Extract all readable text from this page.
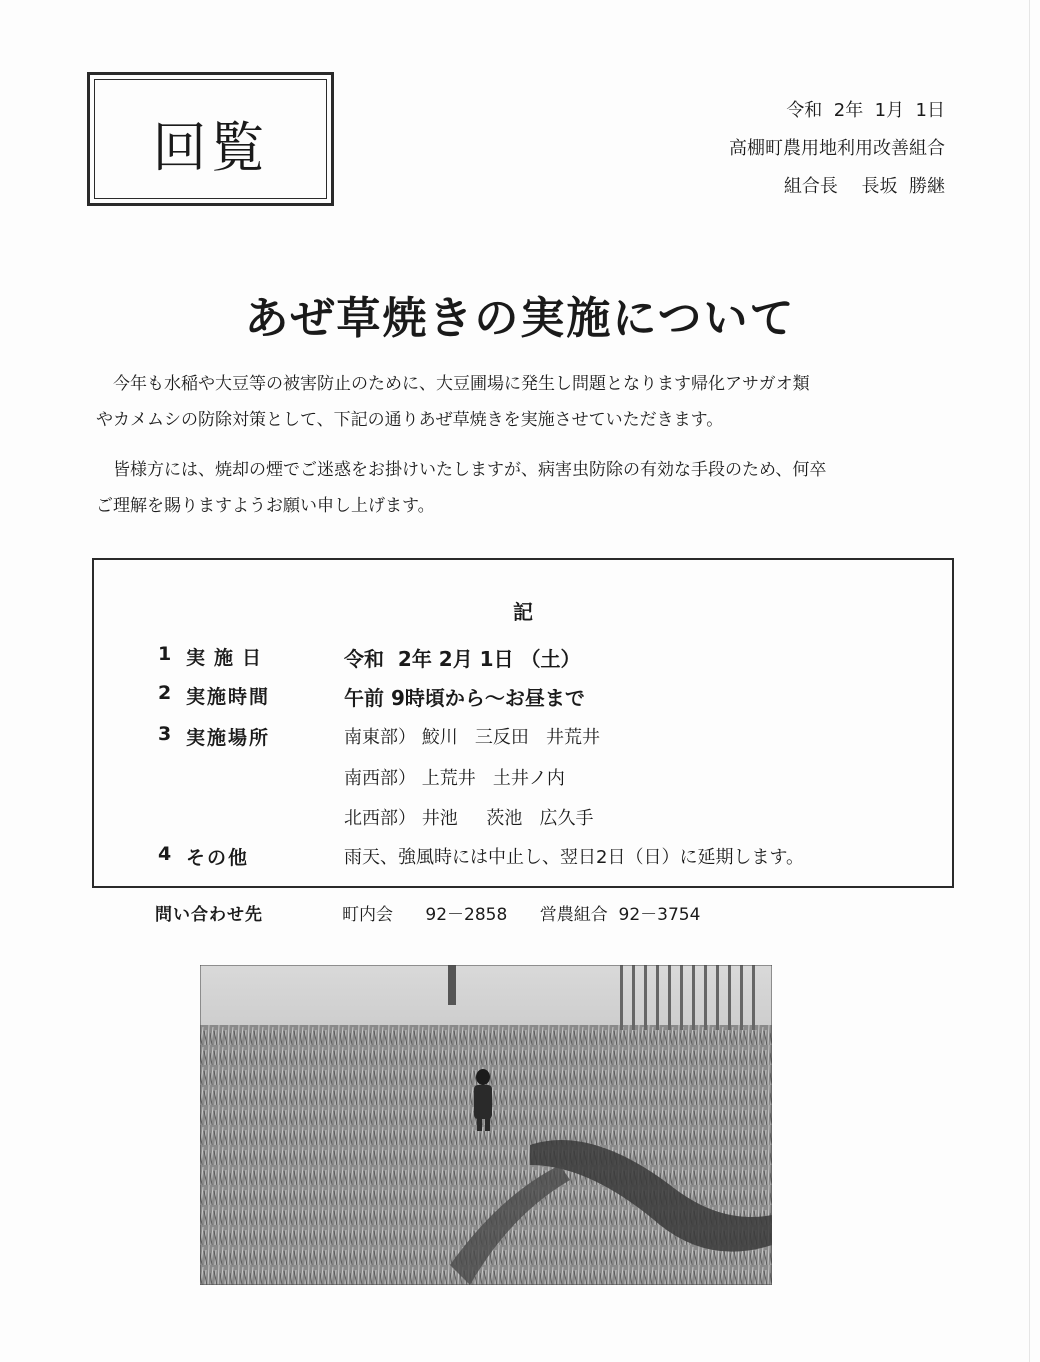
回覧
令和  2年  1月  1日
高棚町農用地利用改善組合
組合長　 長坂  勝継
あぜ草焼きの実施について
　今年も水稲や大豆等の被害防止のために、大豆圃場に発生し問題となります帰化アサガオ類
やカメムシの防除対策として、下記の通りあぜ草焼きを実施させていただきます。
　皆様方には、焼却の煙でご迷惑をお掛けいたしますが、病害虫防除の有効な手段のため、何卒
ご理解を賜りますようお願い申し上げます。
記
1 実施日	令和  2年 2月 1日 （土）
2 実施時間	午前 9時頃から～お昼まで
3 実施場所	南東部） 鮫川   三反田   井荒井
南西部） 上荒井   土井ノ内
北西部） 井池     茨池   広久手
4 その他	雨天、強風時には中止し、翌日2日（日）に延期します。
問い合わせ先	町内会      92－2858      営農組合  92－3754
